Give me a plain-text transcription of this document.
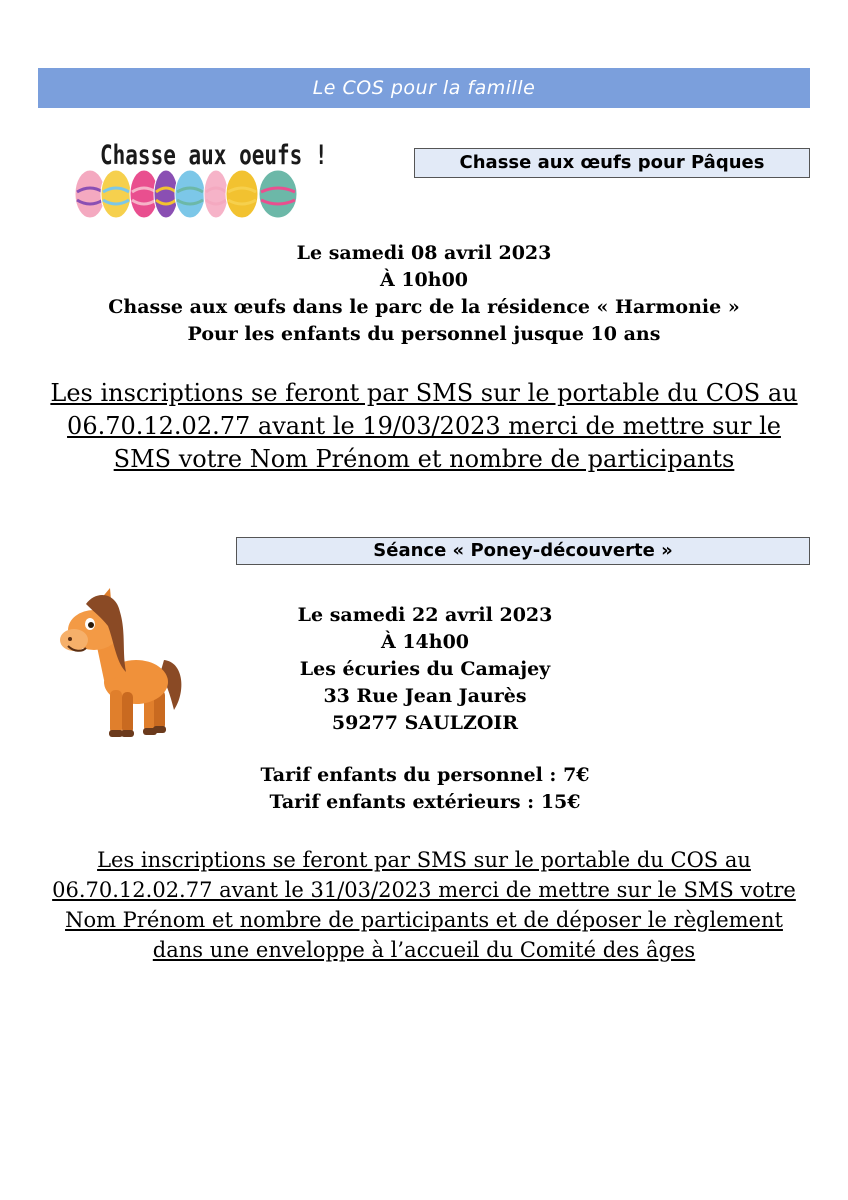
Le COS pour la famille
Chasse aux oeufs !	Chasse aux œufs pour Pâques
Le samedi 08 avril 2023
À 10h00
Chasse aux œufs dans le parc de la résidence « Harmonie »
Pour les enfants du personnel jusque 10 ans
Les inscriptions se feront par SMS sur le portable du COS au
06.70.12.02.77 avant le 19/03/2023 merci de mettre sur le
SMS votre Nom Prénom et nombre de participants
Séance « Poney-découverte »
Le samedi 22 avril 2023
À 14h00
Les écuries du Camajey
33 Rue Jean Jaurès
59277 SAULZOIR
Tarif enfants du personnel : 7€
Tarif enfants extérieurs : 15€
Les inscriptions se feront par SMS sur le portable du COS au
06.70.12.02.77 avant le 31/03/2023 merci de mettre sur le SMS votre
Nom Prénom et nombre de participants et de déposer le règlement
dans une enveloppe à l’accueil du Comité des âges
